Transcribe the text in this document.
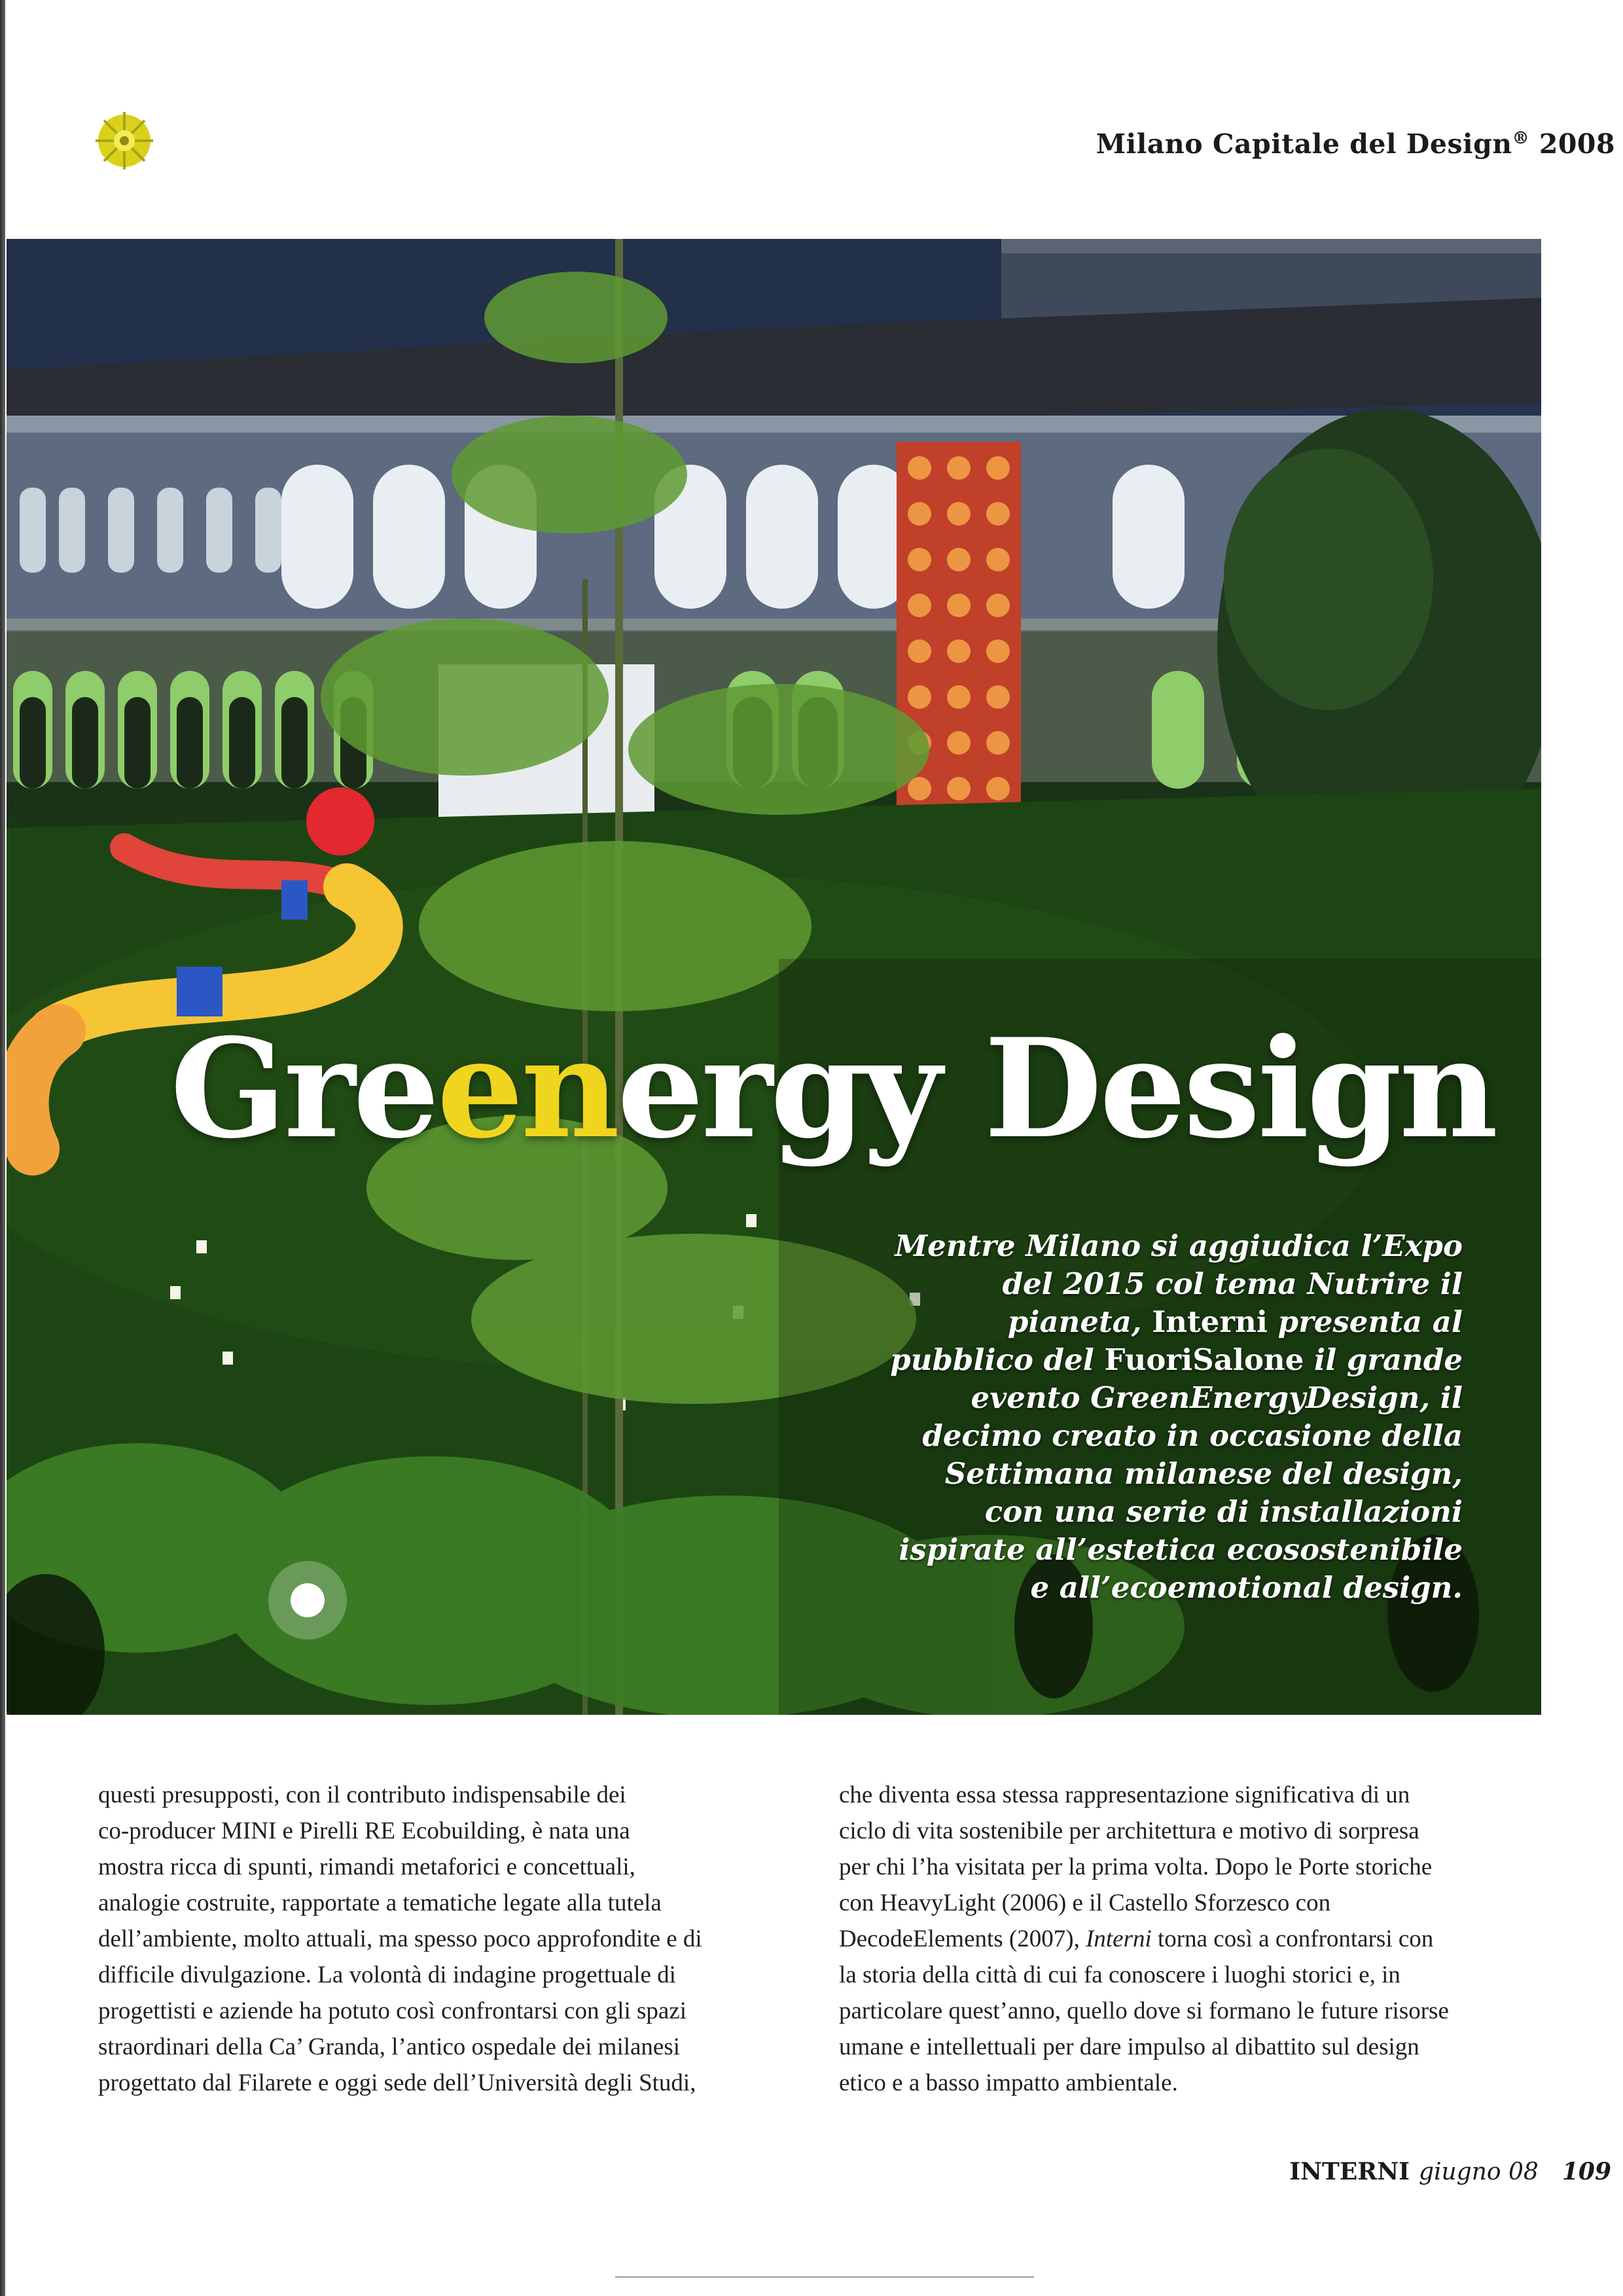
Milano Capitale del Design® 2008
Greenergy Design
Mentre Milano si aggiudica l’Expo
del 2015 col tema Nutrire il
pianeta, Interni presenta al
pubblico del FuoriSalone il grande
evento GreenEnergyDesign, il
decimo creato in occasione della
Settimana milanese del design,
con una serie di installazioni
ispirate all’estetica ecosostenibile
e all’ecoemotional design.
questi presupposti, con il contributo indispensabile dei
co-producer MINI e Pirelli RE Ecobuilding, è nata una
mostra ricca di spunti, rimandi metaforici e concettuali,
analogie costruite, rapportate a tematiche legate alla tutela
dell’ambiente, molto attuali, ma spesso poco approfondite e di
difficile divulgazione. La volontà di indagine progettuale di
progettisti e aziende ha potuto così confrontarsi con gli spazi
straordinari della Ca’ Granda, l’antico ospedale dei milanesi
progettato dal Filarete e oggi sede dell’Università degli Studi,
che diventa essa stessa rappresentazione significativa di un
ciclo di vita sostenibile per architettura e motivo di sorpresa
per chi l’ha visitata per la prima volta. Dopo le Porte storiche
con HeavyLight (2006) e il Castello Sforzesco con
DecodeElements (2007), Interni torna così a confrontarsi con
la storia della città di cui fa conoscere i luoghi storici e, in
particolare quest’anno, quello dove si formano le future risorse
umane e intellettuali per dare impulso al dibattito sul design
etico e a basso impatto ambientale.
INTERNI giugno 08 109
